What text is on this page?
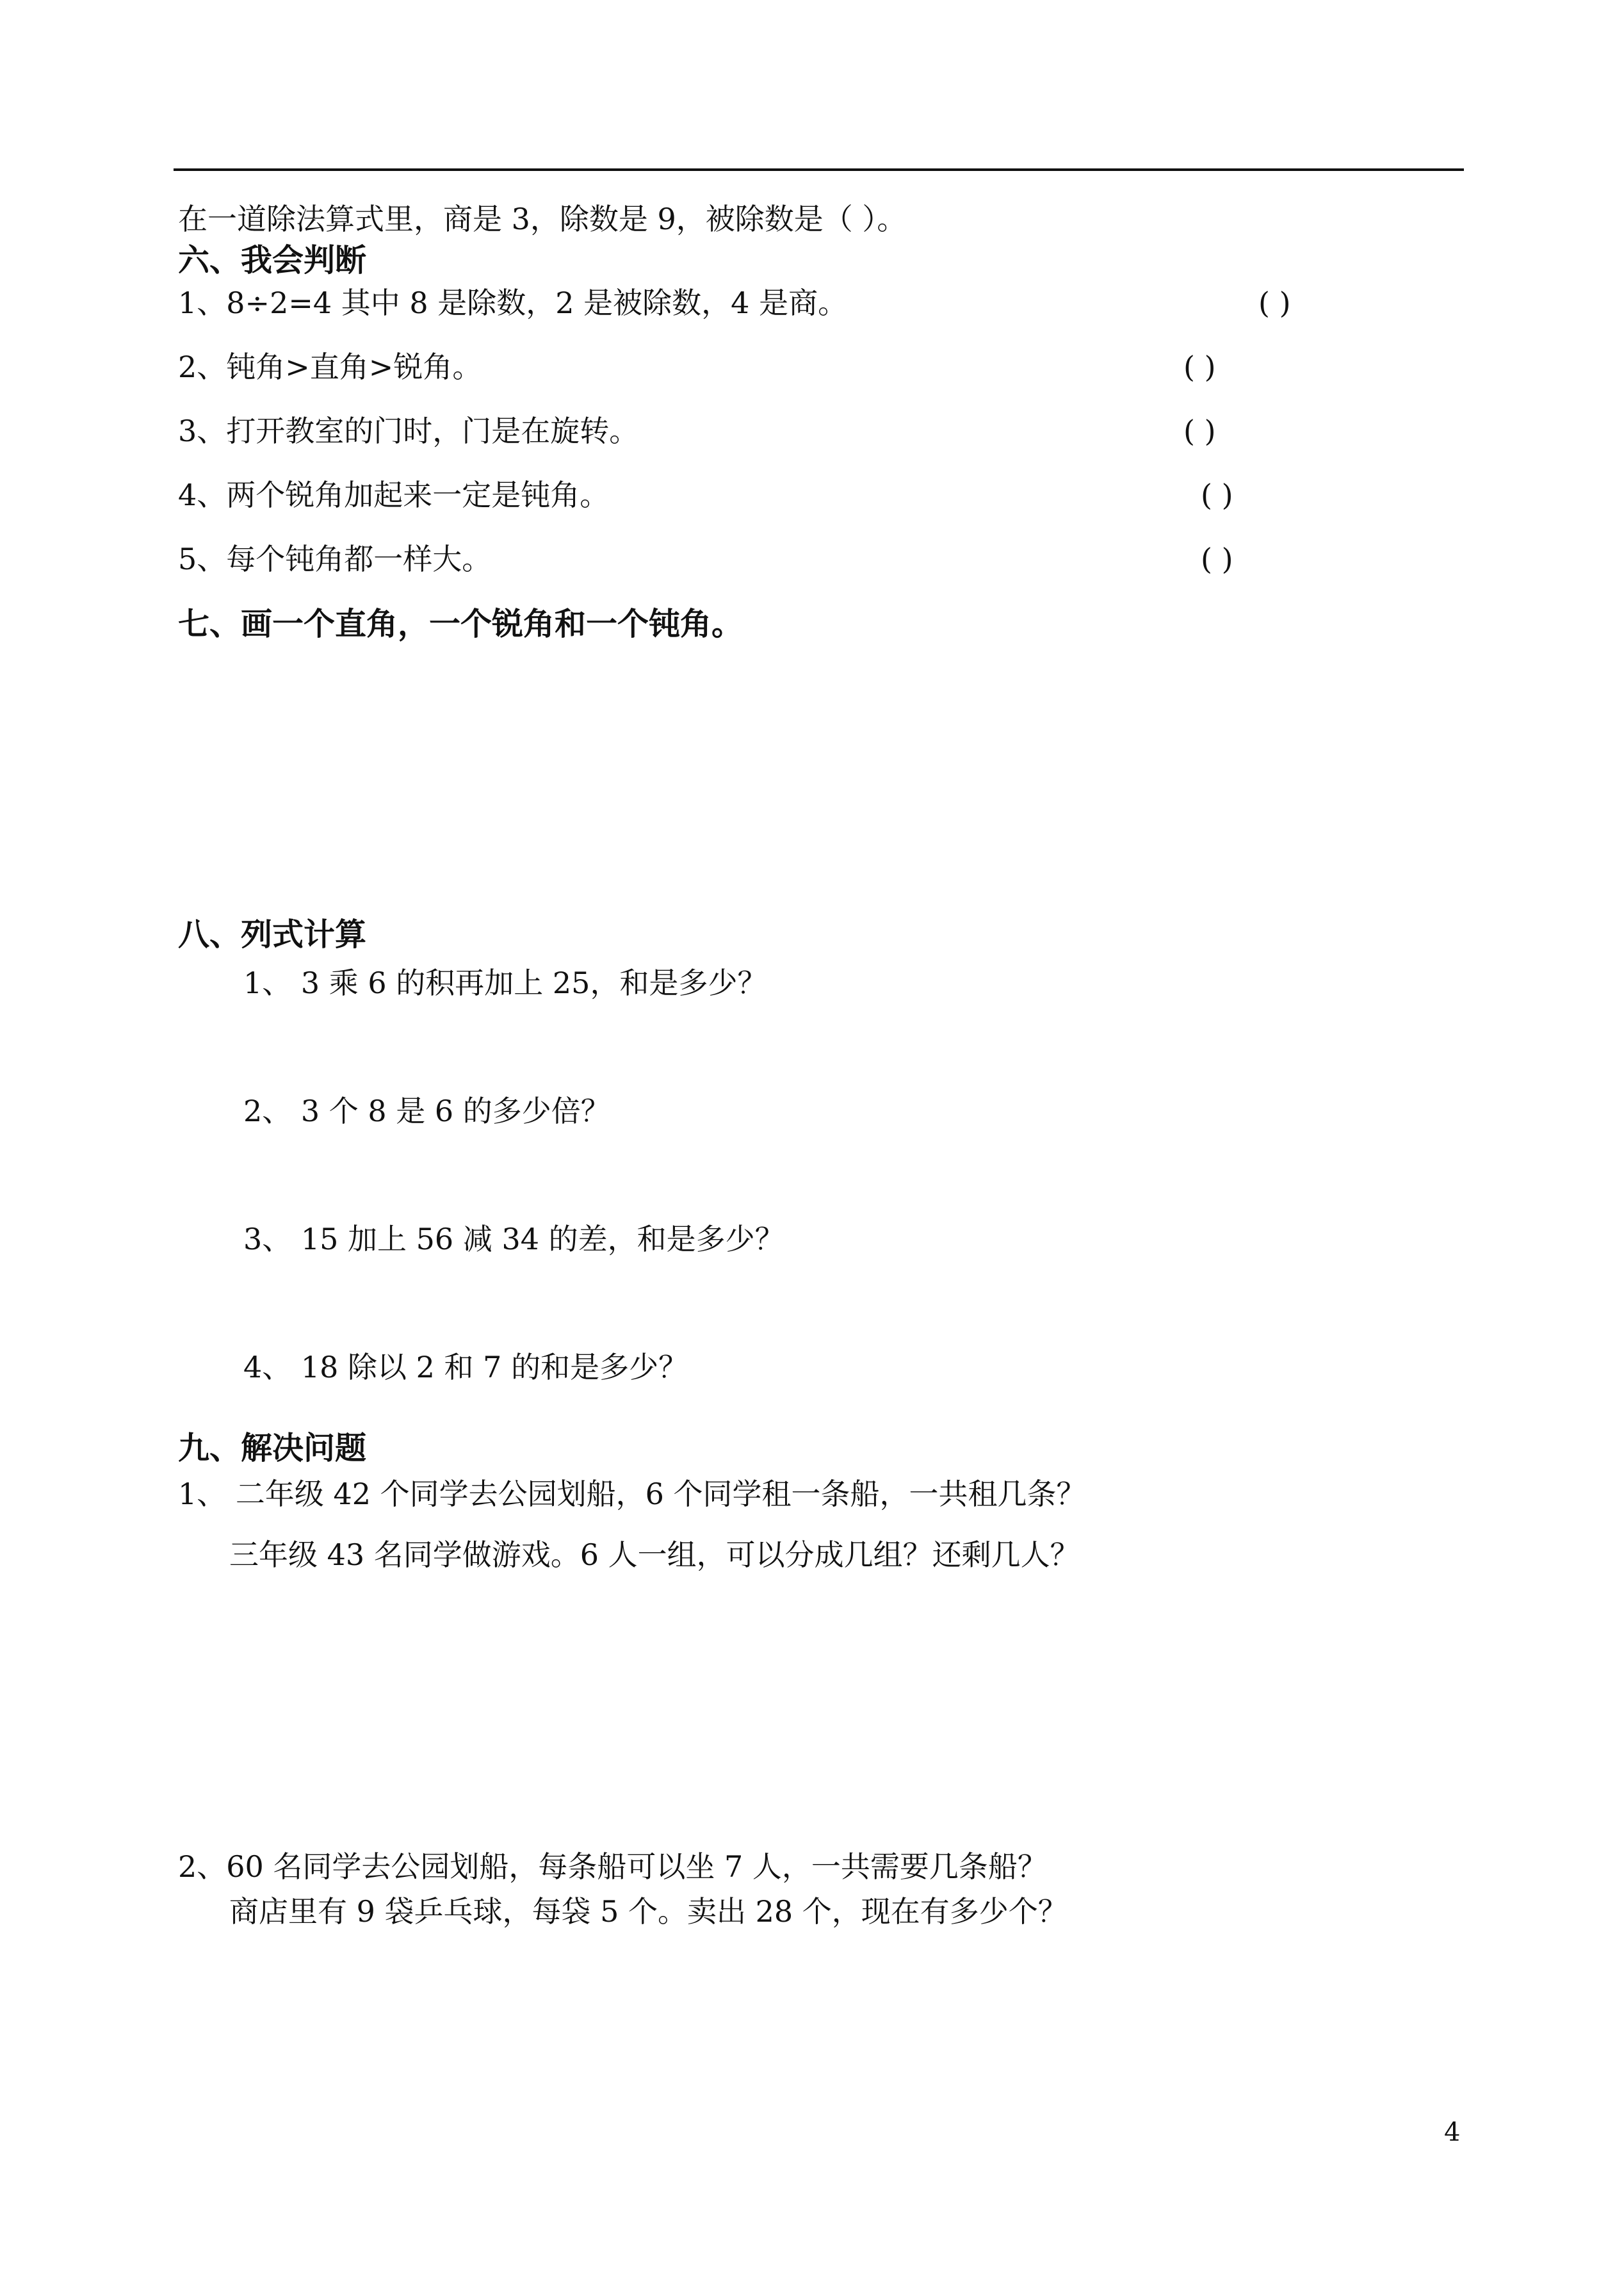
在一道除法算式里，商是 3，除数是 9，被除数是（ ）。
六、我会判断
1、8÷2=4 其中 8 是除数，2 是被除数，4 是商。	( )
2、钝角>直角>锐角。	( )
3、打开教室的门时，门是在旋转。	( )
4、两个锐角加起来一定是钝角。	( )
5、每个钝角都一样大。	( )
七、画一个直角，一个锐角和一个钝角。
八、列式计算
1、 3 乘 6 的积再加上 25，和是多少？
2、 3 个 8 是 6 的多少倍？
3、 15 加上 56 减 34 的差，和是多少？
4、 18 除以 2 和 7 的和是多少？
九、解决问题
1、 二年级 42 个同学去公园划船，6 个同学租一条船，一共租几条？
三年级 43 名同学做游戏。6 人一组，可以分成几组？还剩几人？
2、60 名同学去公园划船，每条船可以坐 7 人，一共需要几条船？
商店里有 9 袋乒乓球，每袋 5 个。卖出 28 个，现在有多少个？
4
